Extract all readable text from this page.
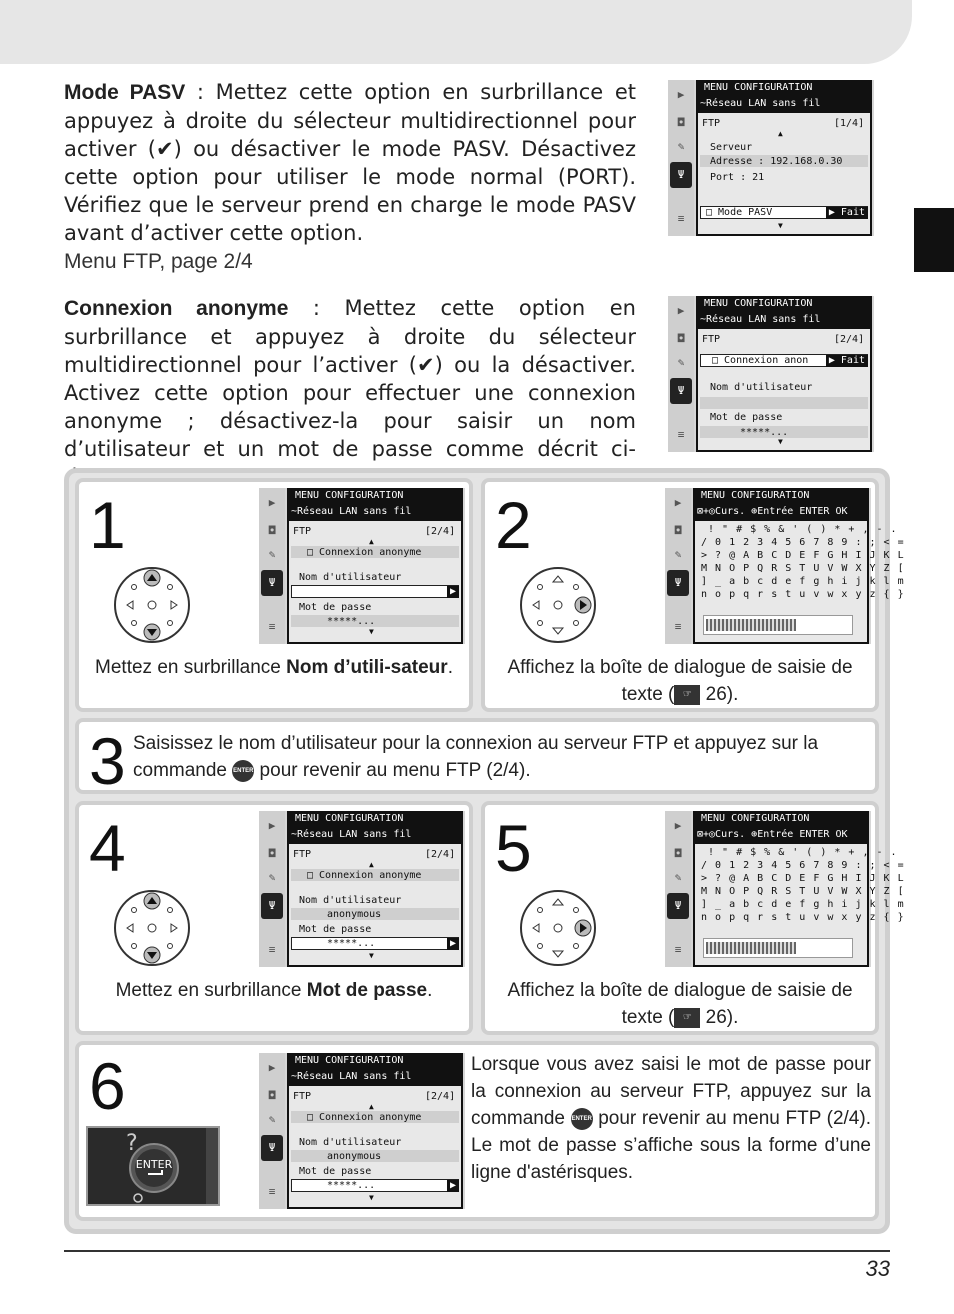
Mode PASV : Mettez cette option en surbrillance et appuyez à droite du sélecteur multidirectionnel pour activer (✔) ou désactiver le mode PASV. Désactivez cette option pour utiliser le mode normal (PORT). Vérifiez que le serveur prend en charge le mode PASV avant d’activer cette option.
Menu FTP, page 2/4
▶
◘
✎
Ψ
≡
MENU CONFIGURATION
~Réseau LAN sans fil
FTP	[1/4]
▲
Serveur
Adresse : 192.168.0.30
Port : 21
□ Mode PASV	▶ Fait
▼
Connexion anonyme : Mettez cette option en surbrillance et appuyez à droite du sélecteur multidirectionnel pour l’activer (✔) ou la désactiver. Activez cette option pour effectuer une connexion anonyme ; désactivez-la pour saisir un nom d’utilisateur et un mot de passe comme décrit ci-
▶
◘
✎
Ψ
≡
MENU CONFIGURATION
~Réseau LAN sans fil
FTP	[2/4]
□ Connexion anon	▶ Fait
Nom d'utilisateur
Mot de passe
*****...
▼
1	▶
◘
✎
Ψ
≡
MENU CONFIGURATION
~Réseau LAN sans fil
FTP	[2/4]
▲
□ Connexion anonyme
Nom d'utilisateur
▶
Mot de passe
*****...
▼
Mettez en surbrillance Nom d’utili-sateur.
2	▶
◘
✎
Ψ
≡
MENU CONFIGURATION
⊠+◎Curs. ⊕Entrée ENTER OK
! " # $ % & ' ( ) * + ,  .
/ 0 1 2 3 4 5 6 7 8 9 : ;  =
> ? @ A B C D E F G H I J  L
M N O P Q R S T U V W X Y  [
] _ a b c d e f g h i j k  m
n o p q r s t u v w x y z  }
Affichez la boîte de dialogue de saisie de texte ( ☞ 26).
3 Saisissez le nom d’utilisateur pour la connexion au serveur FTP et appuyez sur la commande ENTER pour revenir au menu FTP (2/4).
4	▶
◘
✎
Ψ
≡
MENU CONFIGURATION
~Réseau LAN sans fil
FTP	[2/4]
▲
□ Connexion anonyme
Nom d'utilisateur
anonymous
Mot de passe
*****...	▶
▼
Mettez en surbrillance Mot de passe.
5	▶
◘
✎
Ψ
≡
MENU CONFIGURATION
⊠+◎Curs. ⊕Entrée ENTER OK
! " # $ % & ' ( ) * + ,  .
/ 0 1 2 3 4 5 6 7 8 9 : ;  =
> ? @ A B C D E F G H I J  L
M N O P Q R S T U V W X Y  [
] _ a b c d e f g h i j k  m
n o p q r s t u v w x y z  }
Affichez la boîte de dialogue de saisie de texte ( ☞ 26).
6	▶
◘
✎
Ψ
≡
MENU CONFIGURATION
~Réseau LAN sans fil
FTP	[2/4]
▲
□ Connexion anonyme
Nom d'utilisateur
anonymous
Mot de passe
*****...	▶
▼
Lorsque vous avez saisi le mot de passe pour la connexion au serveur FTP, appuyez sur la commande ENTER pour revenir au menu FTP (2/4). Le mot de passe s’affiche sous la forme d’une ligne d'astérisques.
ENTER
?
33
